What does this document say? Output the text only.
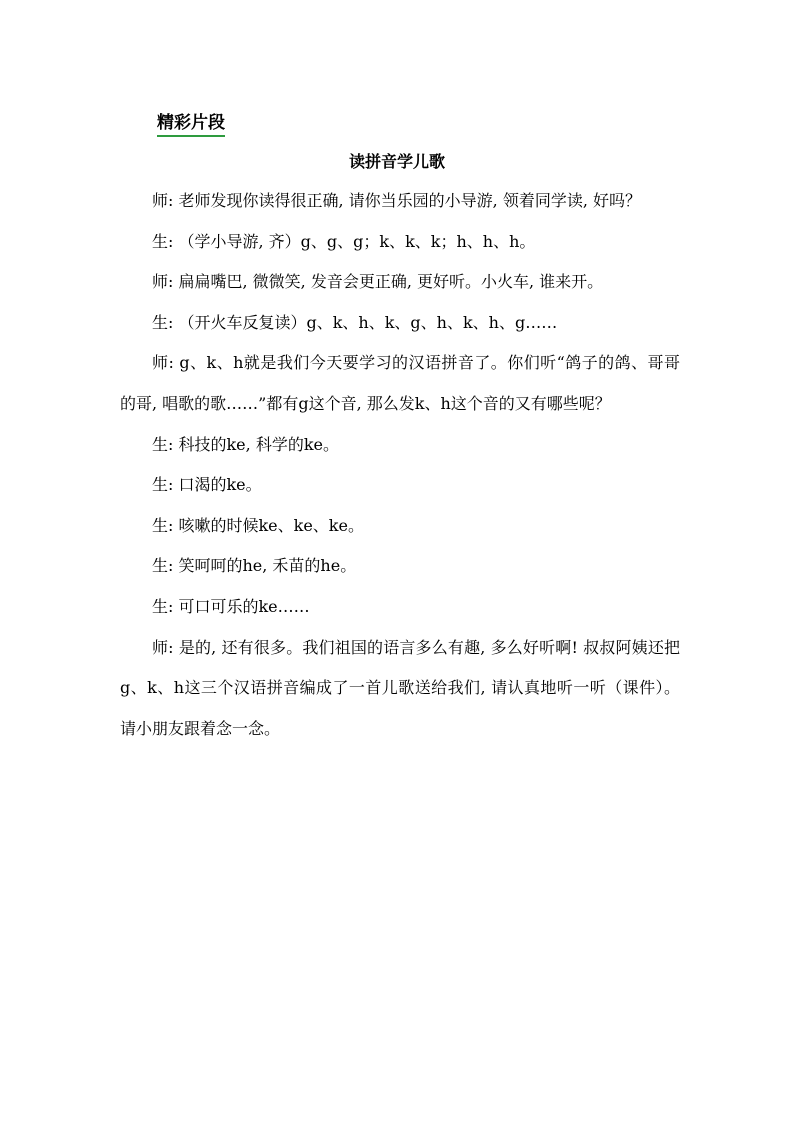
精彩片段
读拼音学儿歌

师: 老师发现你读得很正确, 请你当乐园的小导游, 领着同学读, 好吗？

生: （学小导游, 齐）g、g、g；k、k、k；h、h、h。

师: 扁扁嘴巴, 微微笑, 发音会更正确, 更好听。小火车, 谁来开。

生: （开火车反复读）g、k、h、k、g、h、k、h、g……

师: g、k、h就是我们今天要学习的汉语拼音了。你们听“鸽子的鸽、哥哥的哥, 唱歌的歌……”都有g这个音, 那么发k、h这个音的又有哪些呢？

生: 科技的ke, 科学的ke。

生: 口渴的ke。

生: 咳嗽的时候ke、ke、ke。

生: 笑呵呵的he, 禾苗的he。

生: 可口可乐的ke……

师: 是的, 还有很多。我们祖国的语言多么有趣, 多么好听啊! 叔叔阿姨还把g、k、h这三个汉语拼音编成了一首儿歌送给我们, 请认真地听一听（课件）。请小朋友跟着念一念。
